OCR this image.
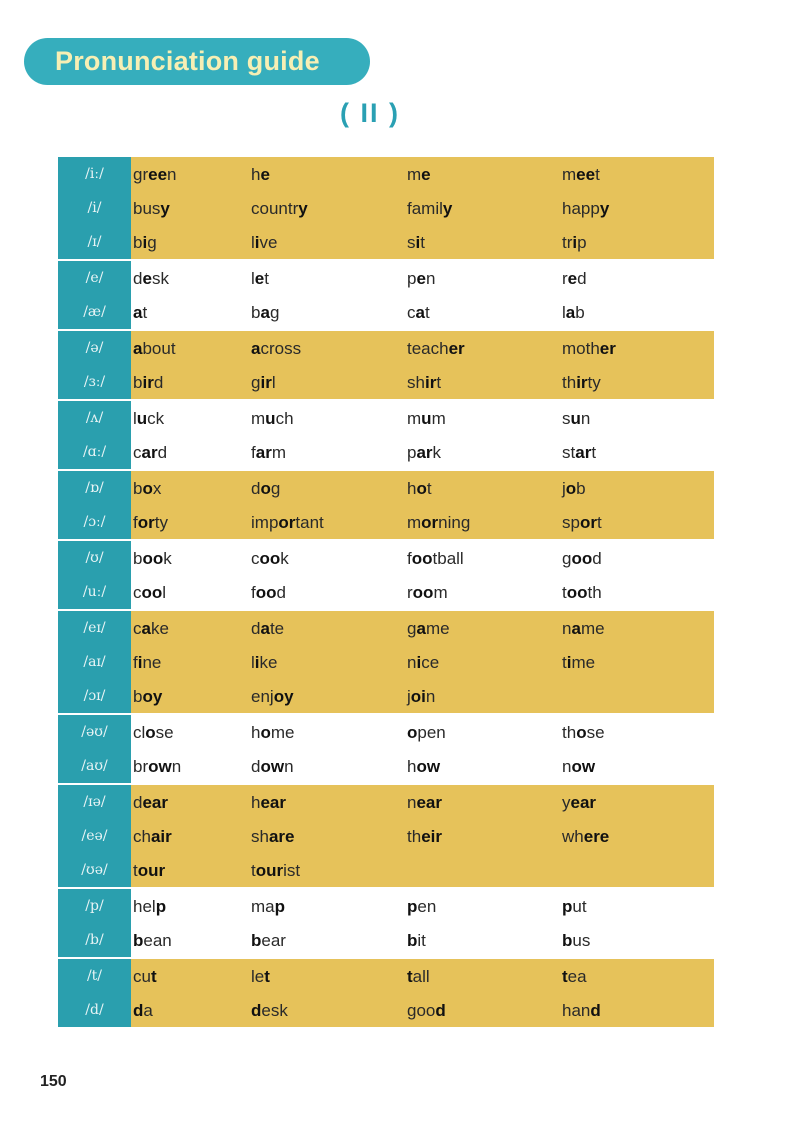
Pronunciation guide
( II )
/iː/	green	he	me	meet
/i/	busy	country	family	happy
/ɪ/	big	live	sit	trip
/e/	desk	let	pen	red
/æ/	at	bag	cat	lab
/ə/	about	across	teacher	mother
/ɜː/	bird	girl	shirt	thirty
/ʌ/	luck	much	mum	sun
/ɑː/	card	farm	park	start
/ɒ/	box	dog	hot	job
/ɔː/	forty	important	morning	sport
/ʊ/	book	cook	football	good
/uː/	cool	food	room	tooth
/eɪ/	cake	date	game	name
/aɪ/	fine	like	nice	time
/ɔɪ/	boy	enjoy	join
/əʊ/	close	home	open	those
/aʊ/	brown	down	how	now
/ɪə/	dear	hear	near	year
/eə/	chair	share	their	where
/ʊə/	tour	tourist
/p/	help	map	pen	put
/b/	bean	bear	bit	bus
/t/	cut	let	tall	tea
/d/	da	desk	good	hand
150
